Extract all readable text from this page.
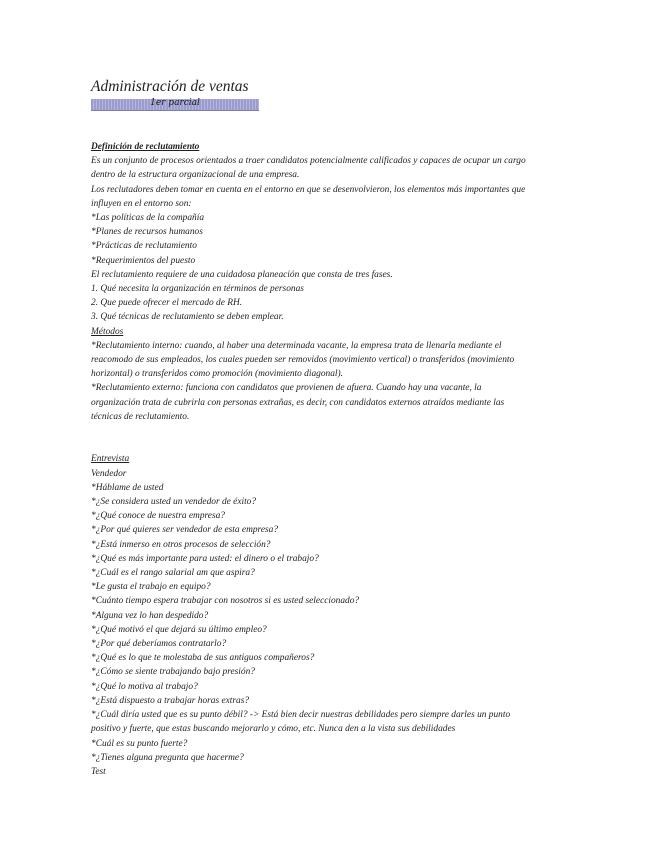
Administración de ventas
1er parcial
Definición de reclutamiento
Es un conjunto de procesos orientados a traer candidatos potencialmente calificados y capaces de ocupar un cargo
dentro de la estructura organizacional de una empresa.
Los reclutadores deben tomar en cuenta en el entorno en que se desenvolvieron, los elementos más importantes que
influyen en el entorno son:
*Las políticas de la compañía
*Planes de recursos humanos
*Prácticas de reclutamiento
*Requerimientos del puesto
El reclutamiento requiere de una cuidadosa planeación que consta de tres fases.
1. Qué necesita la organización en términos de personas
2. Que puede ofrecer el mercado de RH.
3. Qué técnicas de reclutamiento se deben emplear.
Métodos
*Reclutamiento interno: cuando, al haber una determinada vacante, la empresa trata de llenarla mediante el
reacomodo de sus empleados, los cuales pueden ser removidos (movimiento vertical) o transferidos (movimiento
horizontal) o transferidos como promoción (movimiento diagonal).
*Reclutamiento externo: funciona con candidatos que provienen de afuera. Cuando hay una vacante, la
organización trata de cubrirla con personas extrañas, es decir, con candidatos externos atraídos mediante las
técnicas de reclutamiento.
Entrevista
Vendedor
*Háblame de usted
*¿Se considera usted un vendedor de éxito?
*¿Qué conoce de nuestra empresa?
*¿Por qué quieres ser vendedor de esta empresa?
*¿Está inmerso en otros procesos de selección?
*¿Qué es más importante para usted: el dinero o el trabajo?
*¿Cuál es el rango salarial am que aspira?
*Le gusta el trabajo en equipo?
*Cuánto tiempo espera trabajar con nosotros si es usted seleccionado?
*Alguna vez lo han despedido?
*¿Qué motivó el que dejará su último empleo?
*¿Por qué deberíamos contratarlo?
*¿Qué es lo que te molestaba de sus antiguos compañeros?
*¿Cómo se siente trabajando bajo presión?
*¿Qué lo motiva al trabajo?
*¿Está dispuesto a trabajar horas extras?
*¿Cuál diría usted que es su punto débil? -> Está bien decir nuestras debilidades pero siempre darles un punto
positivo y fuerte, que estas buscando mejorarlo y cómo, etc. Nunca den a la vista sus debilidades
*Cuál es su punto fuerte?
*¿Tienes alguna pregunta que hacerme?
Test
